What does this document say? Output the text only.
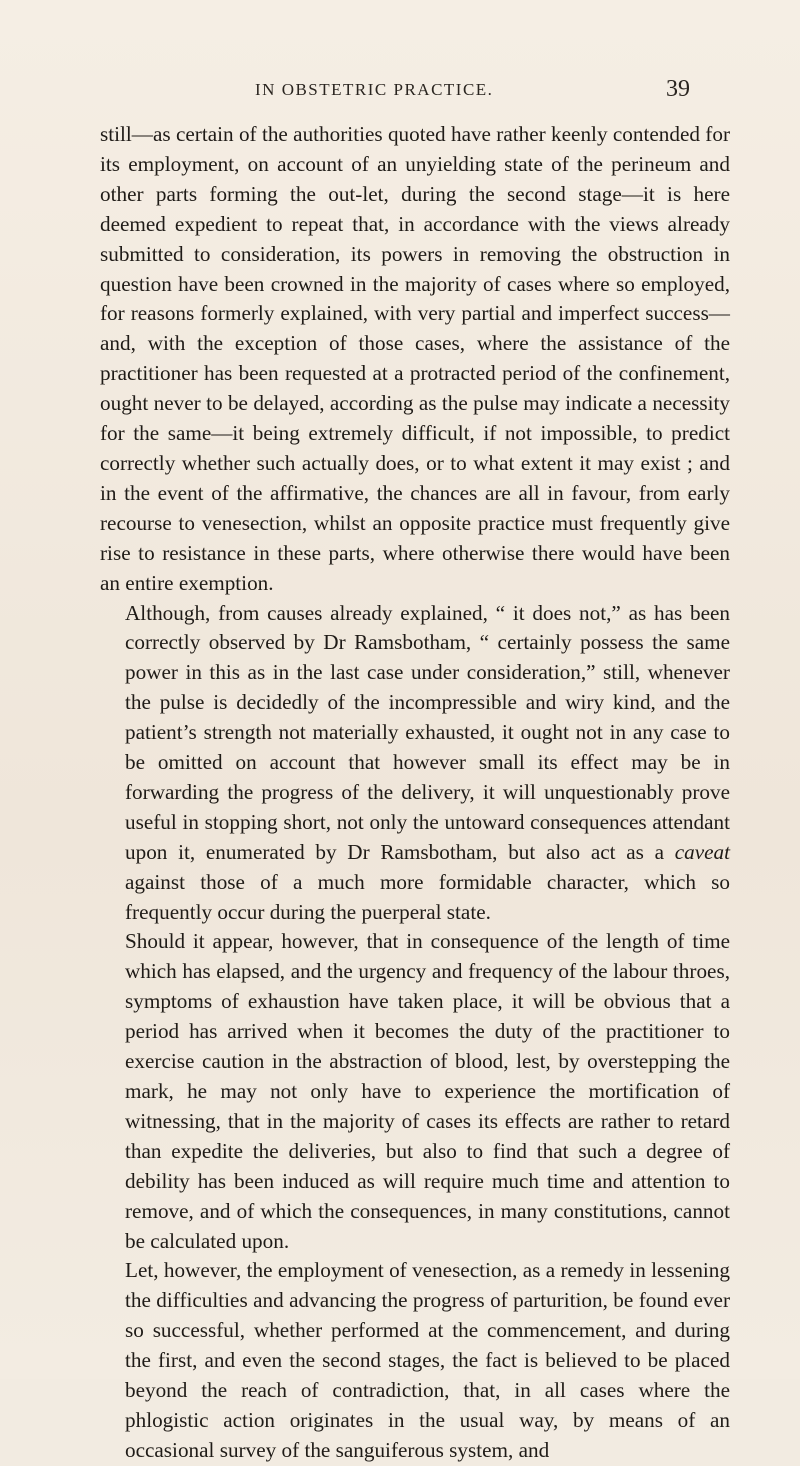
IN OBSTETRIC PRACTICE.	39

still—as certain of the authorities quoted have rather keenly contended for its employment, on account of an unyielding state of the perineum and other parts forming the out-let, during the second stage—it is here deemed expedient to repeat that, in accordance with the views already submitted to consideration, its powers in removing the obstruction in question have been crowned in the majority of cases where so employed, for reasons formerly explained, with very partial and imperfect success—and, with the exception of those cases, where the assistance of the practitioner has been requested at a protracted period of the confinement, ought never to be delayed, according as the pulse may indicate a necessity for the same—it being extremely difficult, if not impossible, to predict correctly whether such actually does, or to what extent it may exist ; and in the event of the affirmative, the chances are all in favour, from early recourse to venesection, whilst an opposite practice must frequently give rise to resistance in these parts, where otherwise there would have been an entire exemption.

Although, from causes already explained, “ it does not,” as has been correctly observed by Dr Ramsbotham, “ certainly possess the same power in this as in the last case under consideration,” still, whenever the pulse is decidedly of the incompressible and wiry kind, and the patient’s strength not materially exhausted, it ought not in any case to be omitted on account that however small its effect may be in forwarding the progress of the delivery, it will unquestionably prove useful in stopping short, not only the untoward consequences attendant upon it, enumerated by Dr Ramsbotham, but also act as a caveat against those of a much more formidable character, which so frequently occur during the puerperal state.

Should it appear, however, that in consequence of the length of time which has elapsed, and the urgency and frequency of the labour throes, symptoms of exhaustion have taken place, it will be obvious that a period has arrived when it becomes the duty of the practitioner to exercise caution in the abstraction of blood, lest, by overstepping the mark, he may not only have to experience the mortification of witnessing, that in the majority of cases its effects are rather to retard than expedite the deliveries, but also to find that such a degree of debility has been induced as will require much time and attention to remove, and of which the consequences, in many constitutions, cannot be calculated upon.

Let, however, the employment of venesection, as a remedy in lessening the difficulties and advancing the progress of parturition, be found ever so successful, whether performed at the commencement, and during the first, and even the second stages, the fact is believed to be placed beyond the reach of contradiction, that, in all cases where the phlogistic action originates in the usual way, by means of an occasional survey of the sanguiferous system, and
